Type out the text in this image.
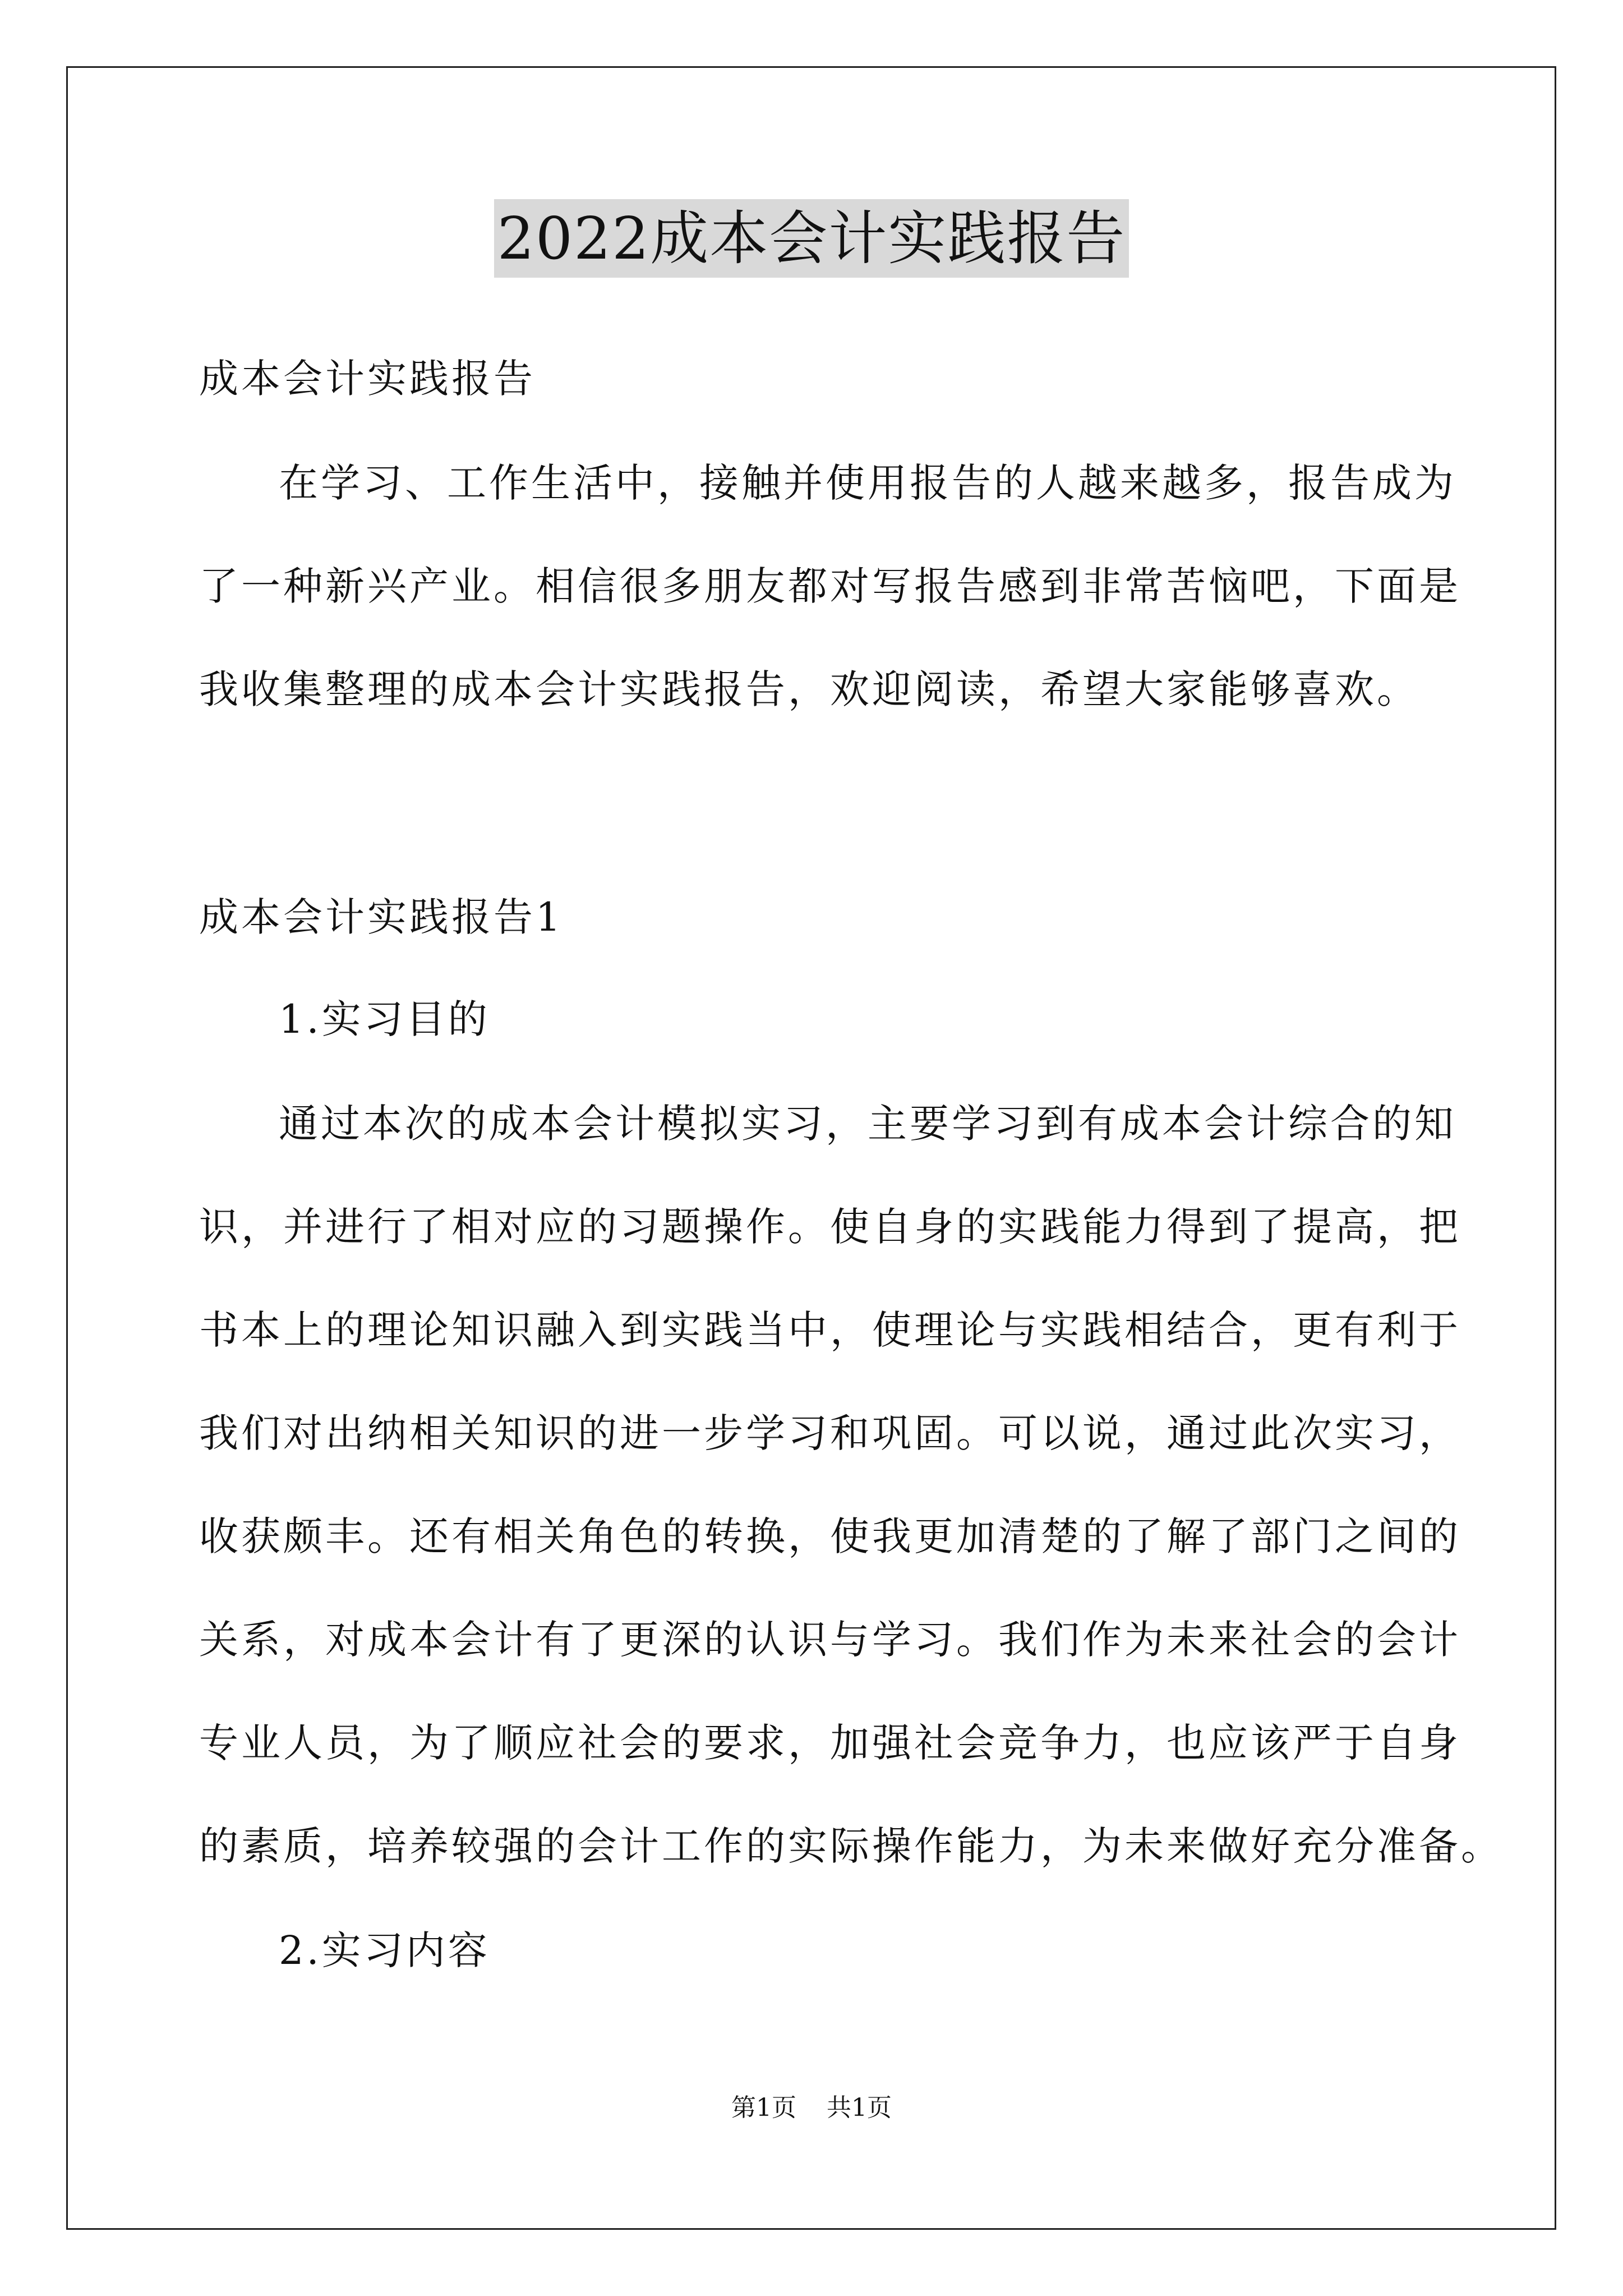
2022成本会计实践报告
成本会计实践报告
在学习、工作生活中，接触并使用报告的人越来越多，报告成为
了一种新兴产业。相信很多朋友都对写报告感到非常苦恼吧，下面是
我收集整理的成本会计实践报告，欢迎阅读，希望大家能够喜欢。
成本会计实践报告1
1.实习目的
通过本次的成本会计模拟实习，主要学习到有成本会计综合的知
识，并进行了相对应的习题操作。使自身的实践能力得到了提高，把
书本上的理论知识融入到实践当中，使理论与实践相结合，更有利于
我们对出纳相关知识的进一步学习和巩固。可以说，通过此次实习，
收获颇丰。还有相关角色的转换，使我更加清楚的了解了部门之间的
关系，对成本会计有了更深的认识与学习。我们作为未来社会的会计
专业人员，为了顺应社会的要求，加强社会竞争力，也应该严于自身
的素质，培养较强的会计工作的实际操作能力，为未来做好充分准备。
2.实习内容
第1页 共1页
